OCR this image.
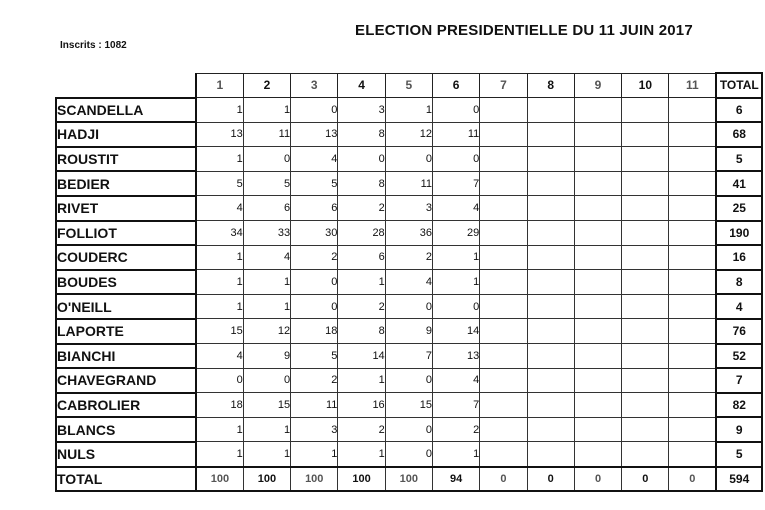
ELECTION PRESIDENTIELLE DU 11 JUIN 2017
Inscrits : 1082
	1	2	3	4	5	6	7	8	9	10	11	TOTAL
SCANDELLA	1	1	0	3	1	0						6
HADJI	13	11	13	8	12	11						68
ROUSTIT	1	0	4	0	0	0						5
BEDIER	5	5	5	8	11	7						41
RIVET	4	6	6	2	3	4						25
FOLLIOT	34	33	30	28	36	29						190
COUDERC	1	4	2	6	2	1						16
BOUDES	1	1	0	1	4	1						8
O'NEILL	1	1	0	2	0	0						4
LAPORTE	15	12	18	8	9	14						76
BIANCHI	4	9	5	14	7	13						52
CHAVEGRAND	0	0	2	1	0	4						7
CABROLIER	18	15	11	16	15	7						82
BLANCS	1	1	3	2	0	2						9
NULS	1	1	1	1	0	1						5
TOTAL	100	100	100	100	100	94	0	0	0	0	0	594
